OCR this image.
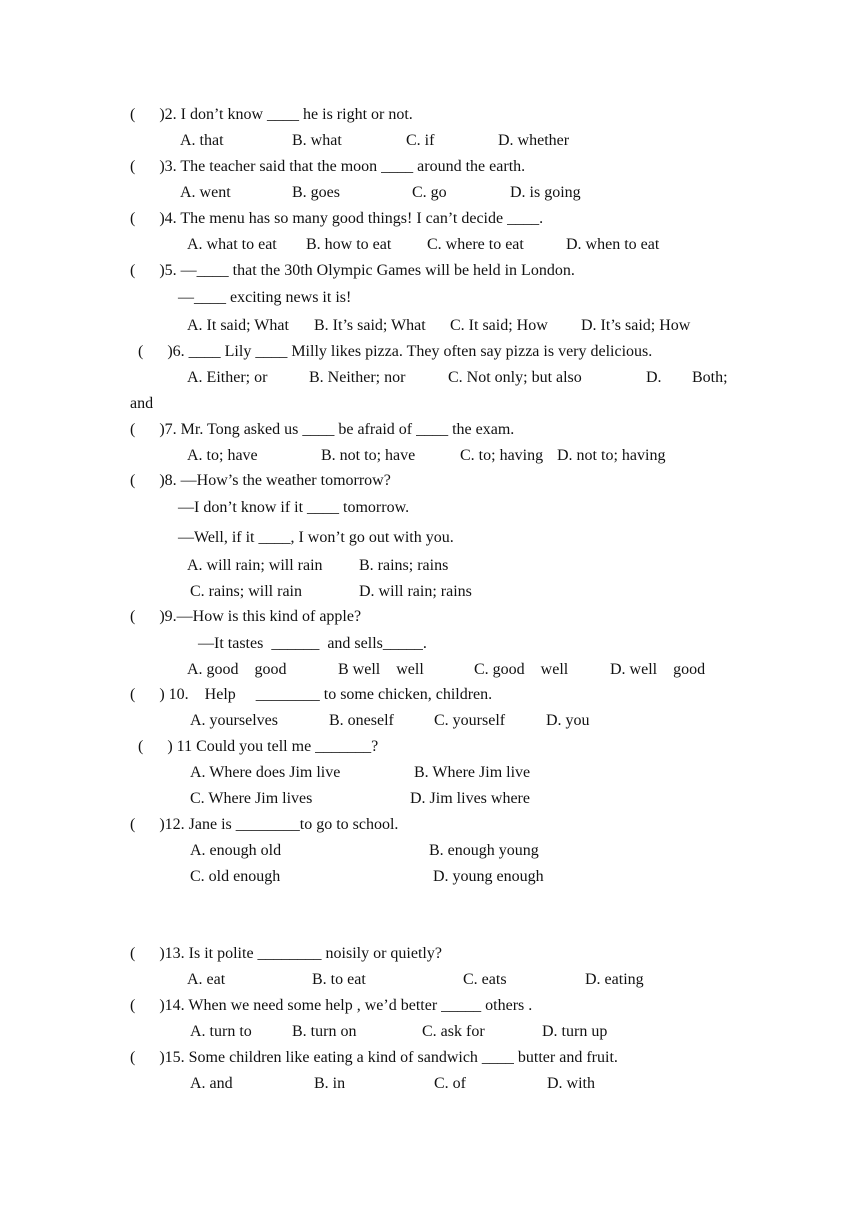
(      )2. I don’t know ____ he is right or not.
A. that	B. what	C. if	D. whether
(      )3. The teacher said that the moon ____ around the earth.
A. went	B. goes	C. go	D. is going
(      )4. The menu has so many good things! I can’t decide ____.
A. what to eat B. how to eat C. where to eat	D. when to eat
(      )5. —____ that the 30th Olympic Games will be held in London.
—____ exciting news it is!
A. It said; What B. It’s said; What C. It said; How D. It’s said; How
(      )6. ____ Lily ____ Milly likes pizza. They often say pizza is very delicious.
A. Either; or	B. Neither; nor	C. Not only; but also	D. Both;
and
(      )7. Mr. Tong asked us ____ be afraid of ____ the exam.
A. to; have	B. not to; have	C. to; having D. not to; having
(      )8. —How’s the weather tomorrow?
—I don’t know if it ____ tomorrow.
—Well, if it ____, I won’t go out with you.
A. will rain; will rain B. rains; rains
C. rains; will rain	D. will rain; rains
(      )9.—How is this kind of apple?
—It tastes  ______  and sells_____.
A. good    good	B well    well	C. good    well	D. well    good
(      ) 10.    Help     ________ to some chicken, children.
A. yourselves	B. oneself	C. yourself	D. you
(      ) 11 Could you tell me _______?
A. Where does Jim live	B. Where Jim live
C. Where Jim lives	D. Jim lives where
(      )12. Jane is ________to go to school.
A. enough old	B. enough young
C. old enough	D. young enough
(      )13. Is it polite ________ noisily or quietly?
A. eat	B. to eat	C. eats	D. eating
(      )14. When we need some help , we’d better _____ others .
A. turn to	B. turn on	C. ask for	D. turn up
(      )15. Some children like eating a kind of sandwich ____ butter and fruit.
A. and	B. in	C. of	D. with
